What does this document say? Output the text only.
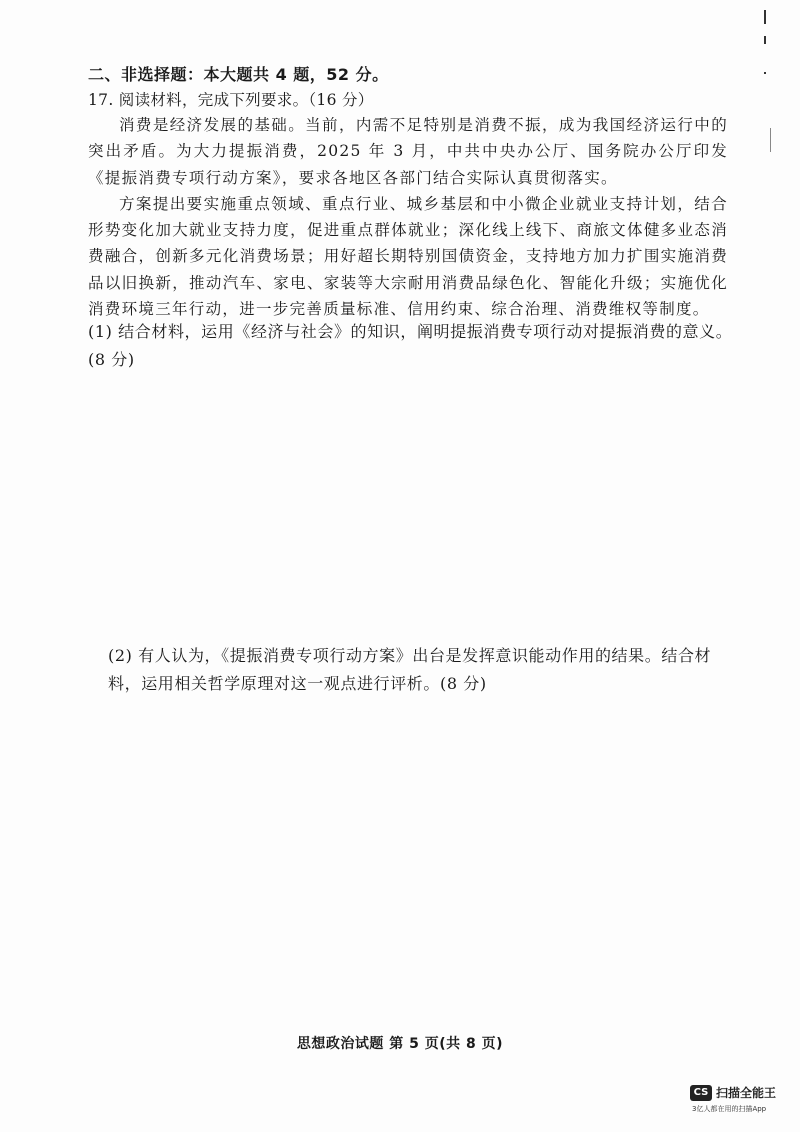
二、非选择题：本大题共 4 题，52 分。
17. 阅读材料，完成下列要求。（16 分）

消费是经济发展的基础。当前，内需不足特别是消费不振，成为我国经济运行中的突出矛盾。为大力提振消费，2025 年 3 月，中共中央办公厅、国务院办公厅印发《提振消费专项行动方案》，要求各地区各部门结合实际认真贯彻落实。

方案提出要实施重点领域、重点行业、城乡基层和中小微企业就业支持计划，结合形势变化加大就业支持力度，促进重点群体就业；深化线上线下、商旅文体健多业态消费融合，创新多元化消费场景；用好超长期特别国债资金，支持地方加力扩围实施消费品以旧换新，推动汽车、家电、家装等大宗耐用消费品绿色化、智能化升级；实施优化消费环境三年行动，进一步完善质量标准、信用约束、综合治理、消费维权等制度。

(1) 结合材料，运用《经济与社会》的知识，阐明提振消费专项行动对提振消费的意义。
(8 分)
(2) 有人认为，《提振消费专项行动方案》出台是发挥意识能动作用的结果。结合材料，运用相关哲学原理对这一观点进行评析。(8 分)
思想政治试题 第 5 页(共 8 页)
CS 扫描全能王
3亿人都在用的扫描App
